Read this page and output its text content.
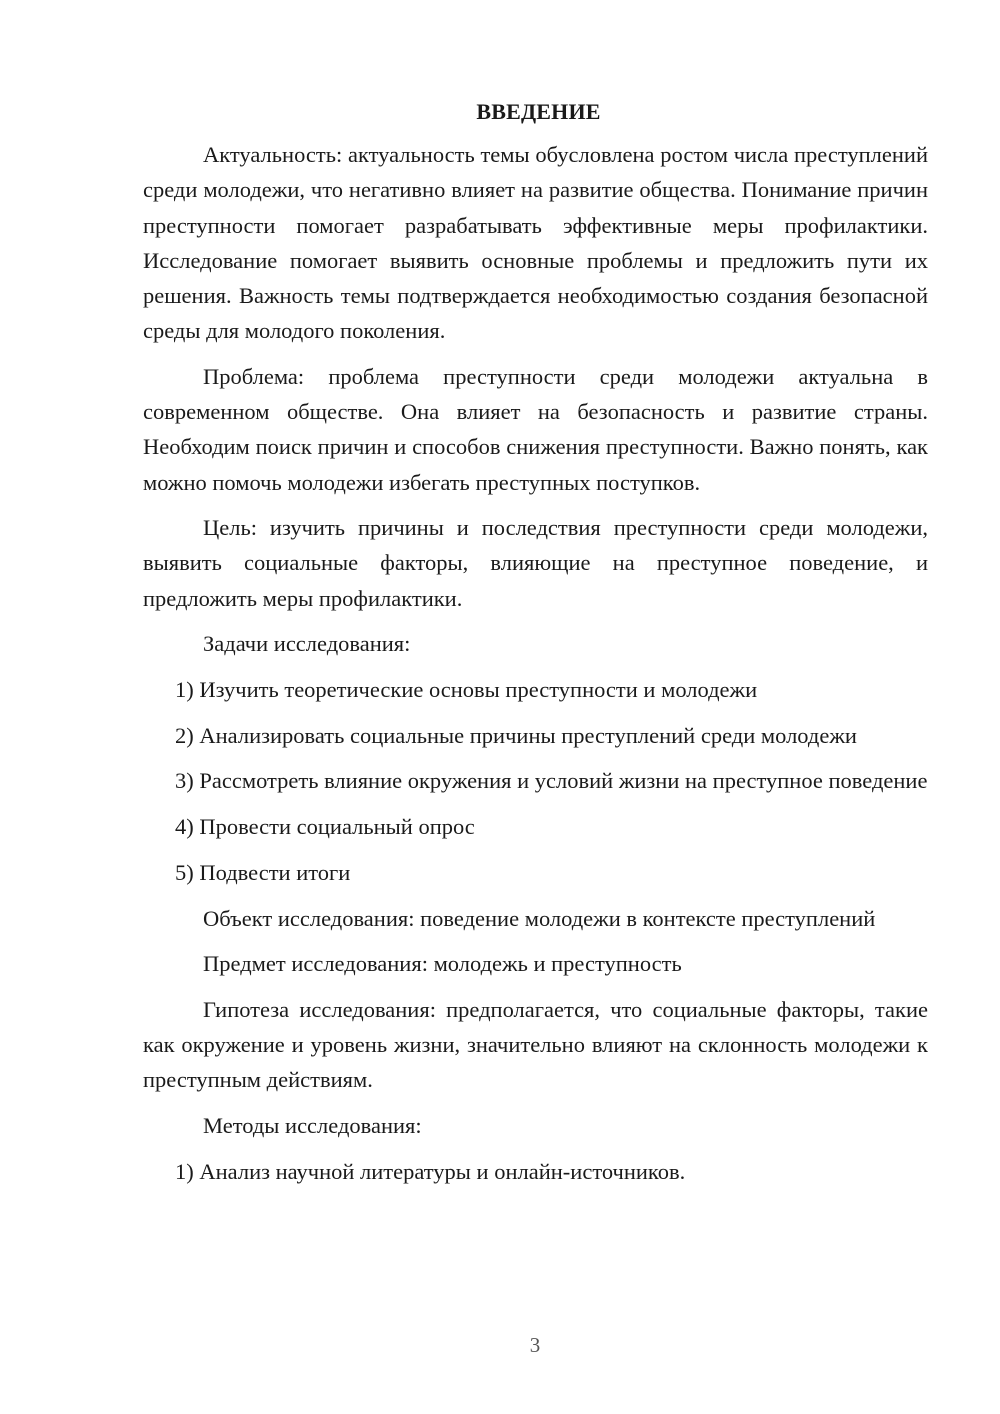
ВВЕДЕНИЕ

Актуальность: актуальность темы обусловлена ростом числа преступлений среди молодежи, что негативно влияет на развитие общества. Понимание причин преступности помогает разрабатывать эффективные меры профилактики. Исследование помогает выявить основные проблемы и предложить пути их решения. Важность темы подтверждается необходимостью создания безопасной среды для молодого поколения.

Проблема: проблема преступности среди молодежи актуальна в современном обществе. Она влияет на безопасность и развитие страны. Необходим поиск причин и способов снижения преступности. Важно понять, как можно помочь молодежи избегать преступных поступков.

Цель: изучить причины и последствия преступности среди молодежи, выявить социальные факторы, влияющие на преступное поведение, и предложить меры профилактики.

Задачи исследования:

1) Изучить теоретические основы преступности и молодежи

2) Анализировать социальные причины преступлений среди молодежи

3) Рассмотреть влияние окружения и условий жизни на преступное поведение

4) Провести социальный опрос

5) Подвести итоги

Объект исследования: поведение молодежи в контексте преступлений

Предмет исследования: молодежь и преступность

Гипотеза исследования: предполагается, что социальные факторы, такие как окружение и уровень жизни, значительно влияют на склонность молодежи к преступным действиям.

Методы исследования:

1) Анализ научной литературы и онлайн-источников.

3
